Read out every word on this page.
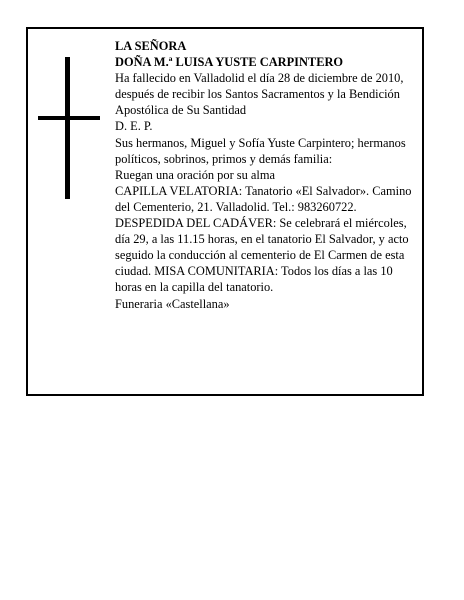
LA SEÑORA

DOÑA M.ª LUISA YUSTE CARPINTERO

Ha fallecido en Valladolid el día 28 de diciembre de 2010, después de recibir los Santos Sacramentos y la Bendición Apostólica de Su Santidad

D. E. P.

Sus hermanos, Miguel y Sofía Yuste Carpintero; hermanos políticos, sobrinos, primos y demás familia:

Ruegan una oración por su alma

CAPILLA VELATORIA: Tanatorio «El Salvador». Camino del Cementerio, 21. Valladolid. Tel.: 983260722.

DESPEDIDA DEL CADÁVER: Se celebrará el miércoles, día 29, a las 11.15 horas, en el tanatorio El Salvador, y acto seguido la conducción al cementerio de El Carmen de esta ciudad. MISA COMUNITARIA: Todos los días a las 10 horas en la capilla del tanatorio.

Funeraria «Castellana»
